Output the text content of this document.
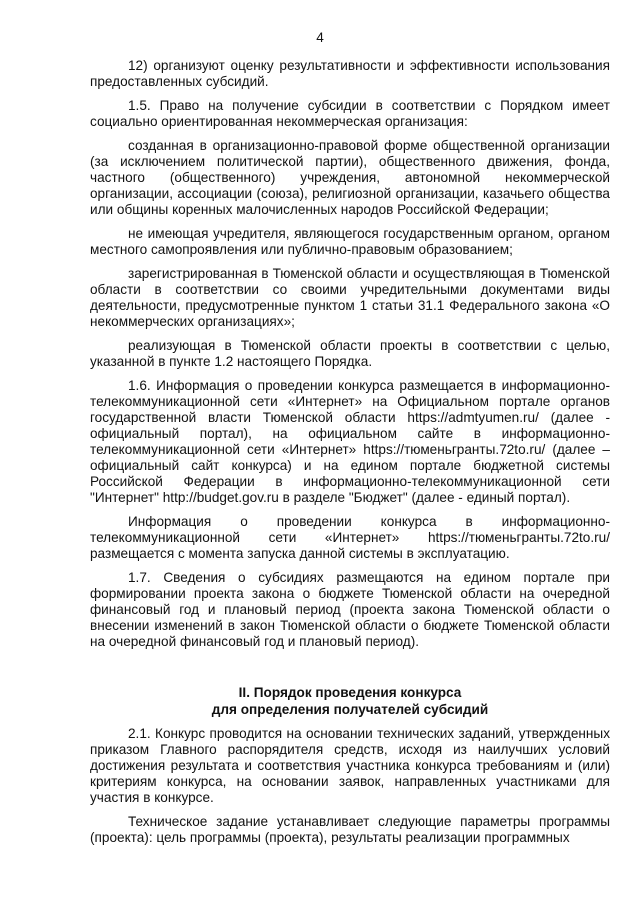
4

12) организуют оценку результативности и эффективности использования предоставленных субсидий.

1.5. Право на получение субсидии в соответствии с Порядком имеет социально ориентированная некоммерческая организация:

созданная в организационно-правовой форме общественной организации (за исключением политической партии), общественного движения, фонда, частного (общественного) учреждения, автономной некоммерческой организации, ассоциации (союза), религиозной организации, казачьего общества или общины коренных малочисленных народов Российской Федерации;

не имеющая учредителя, являющегося государственным органом, органом местного самопроявления или публично-правовым образованием;

зарегистрированная в Тюменской области и осуществляющая в Тюменской области в соответствии со своими учредительными документами виды деятельности, предусмотренные пунктом 1 статьи 31.1 Федерального закона «О некоммерческих организациях»;

реализующая в Тюменской области проекты в соответствии с целью, указанной в пункте 1.2 настоящего Порядка.

1.6. Информация о проведении конкурса размещается в информационно-телекоммуникационной сети «Интернет» на Официальном портале органов государственной власти Тюменской области https://admtyumen.ru/ (далее - официальный портал), на официальном сайте в информационно-телекоммуникационной сети «Интернет» https://тюменьгранты.72to.ru/ (далее – официальный сайт конкурса) и на едином портале бюджетной системы Российской Федерации в информационно-телекоммуникационной сети "Интернет" http://budget.gov.ru в разделе "Бюджет" (далее - единый портал).

Информация о проведении конкурса в информационно-телекоммуникационной сети «Интернет» https://тюменьгранты.72to.ru/ размещается с момента запуска данной системы в эксплуатацию.

1.7. Сведения о субсидиях размещаются на едином портале при формировании проекта закона о бюджете Тюменской области на очередной финансовый год и плановый период (проекта закона Тюменской области о внесении изменений в закон Тюменской области о бюджете Тюменской области на очередной финансовый год и плановый период).

II. Порядок проведения конкурса
для определения получателей субсидий

2.1. Конкурс проводится на основании технических заданий, утвержденных приказом Главного распорядителя средств, исходя из наилучших условий достижения результата и соответствия участника конкурса требованиям и (или) критериям конкурса, на основании заявок, направленных участниками для участия в конкурсе.

Техническое задание устанавливает следующие параметры программы (проекта): цель программы (проекта), результаты реализации программных
